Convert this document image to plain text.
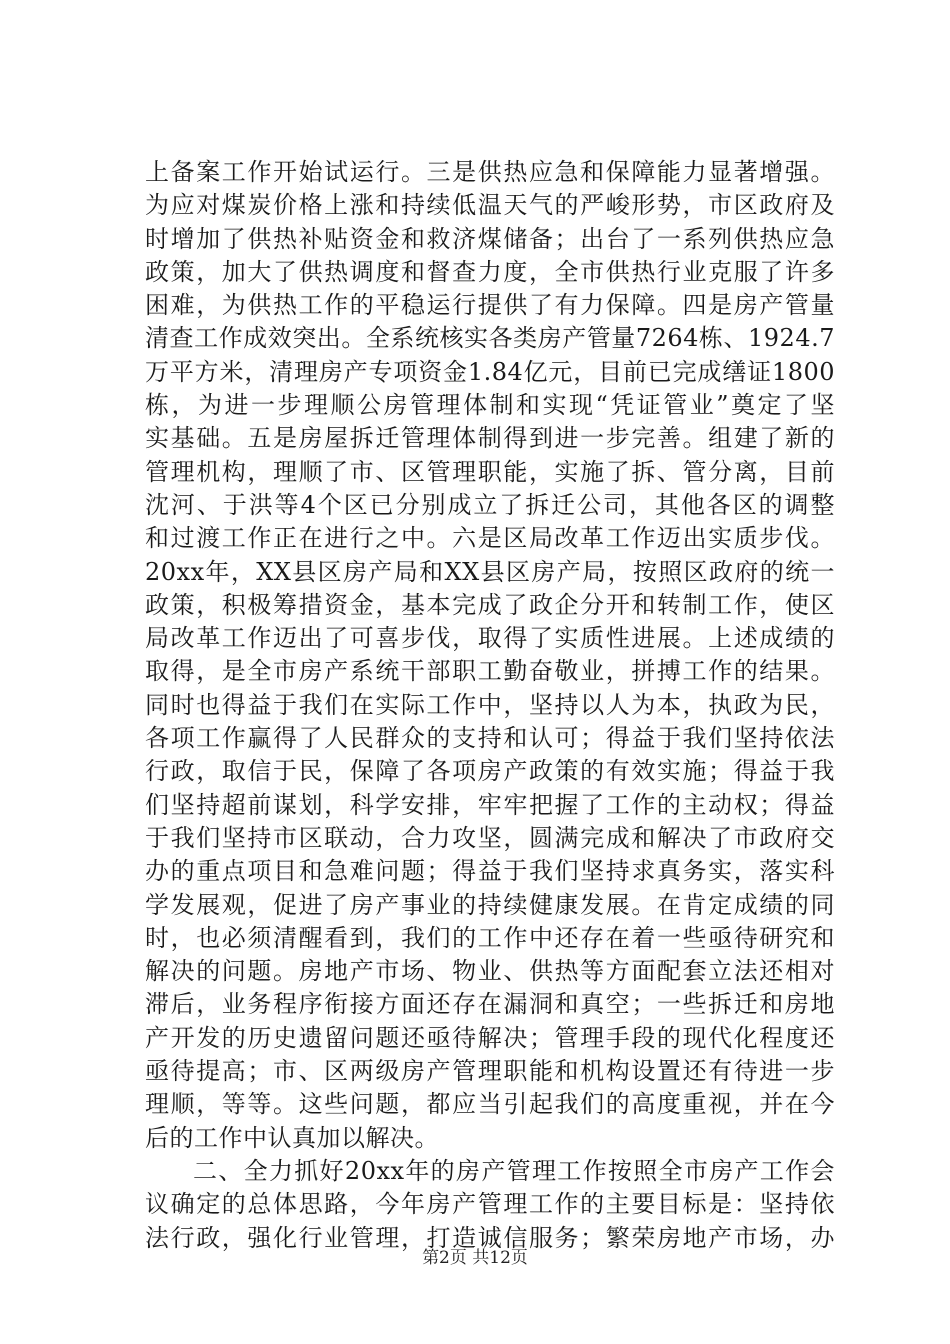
上备案工作开始试运行。三是供热应急和保障能力显著增强。
为应对煤炭价格上涨和持续低温天气的严峻形势，市区政府及
时增加了供热补贴资金和救济煤储备；出台了一系列供热应急
政策，加大了供热调度和督查力度，全市供热行业克服了许多
困难，为供热工作的平稳运行提供了有力保障。四是房产管量
清查工作成效突出。全系统核实各类房产管量7264栋、1924.7
万平方米，清理房产专项资金1.84亿元，目前已完成缮证1800
栋，为进一步理顺公房管理体制和实现“凭证管业”奠定了坚
实基础。五是房屋拆迁管理体制得到进一步完善。组建了新的
管理机构，理顺了市、区管理职能，实施了拆、管分离，目前
沈河、于洪等4个区已分别成立了拆迁公司，其他各区的调整
和过渡工作正在进行之中。六是区局改革工作迈出实质步伐。
20xx年，XX县区房产局和XX县区房产局，按照区政府的统一
政策，积极筹措资金，基本完成了政企分开和转制工作，使区
局改革工作迈出了可喜步伐，取得了实质性进展。上述成绩的
取得，是全市房产系统干部职工勤奋敬业，拼搏工作的结果。
同时也得益于我们在实际工作中，坚持以人为本，执政为民，
各项工作赢得了人民群众的支持和认可；得益于我们坚持依法
行政，取信于民，保障了各项房产政策的有效实施；得益于我
们坚持超前谋划，科学安排，牢牢把握了工作的主动权；得益
于我们坚持市区联动，合力攻坚，圆满完成和解决了市政府交
办的重点项目和急难问题；得益于我们坚持求真务实，落实科
学发展观，促进了房产事业的持续健康发展。在肯定成绩的同
时，也必须清醒看到，我们的工作中还存在着一些亟待研究和
解决的问题。房地产市场、物业、供热等方面配套立法还相对
滞后，业务程序衔接方面还存在漏洞和真空；一些拆迁和房地
产开发的历史遗留问题还亟待解决；管理手段的现代化程度还
亟待提高；市、区两级房产管理职能和机构设置还有待进一步
理顺，等等。这些问题，都应当引起我们的高度重视，并在今
后的工作中认真加以解决。
二、全力抓好20xx年的房产管理工作按照全市房产工作会
议确定的总体思路，今年房产管理工作的主要目标是：坚持依
法行政，强化行业管理，打造诚信服务；繁荣房地产市场，办
第2页 共12页
